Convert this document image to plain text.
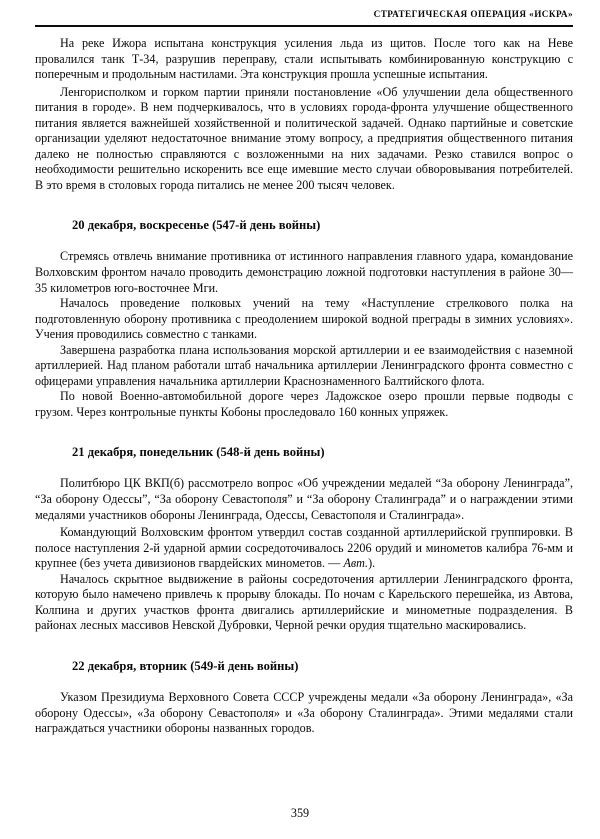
СТРАТЕГИЧЕСКАЯ ОПЕРАЦИЯ «ИСКРА»

На реке Ижора испытана конструкция усиления льда из щитов. После того как на Неве провалился танк Т-34, разрушив переправу, стали испытывать комбинированную конструкцию с поперечным и продольным настилами. Эта конструкция прошла успешные испытания.

Ленгорисполком и горком партии приняли постановление «Об улучшении дела общественного питания в городе». В нем подчеркивалось, что в условиях города-фронта улучшение общественного питания является важнейшей хозяйственной и политической задачей. Однако партийные и советские организации уделяют недостаточное внимание этому вопросу, а предприятия общественного питания далеко не полностью справляются с возложенными на них задачами. Резко ставился вопрос о необходимости решительно искоренить все еще имевшие место случаи обворовывания потребителей. В это время в столовых города питались не менее 200 тысяч человек.

20 декабря, воскресенье (547-й день войны)

Стремясь отвлечь внимание противника от истинного направления главного удара, командование Волховским фронтом начало проводить демонстрацию ложной подготовки наступления в районе 30—35 километров юго-восточнее Мги.

Началось проведение полковых учений на тему «Наступление стрелкового полка на подготовленную оборону противника с преодолением широкой водной преграды в зимних условиях». Учения проводились совместно с танками.

Завершена разработка плана использования морской артиллерии и ее взаимодействия с наземной артиллерией. Над планом работали штаб начальника артиллерии Ленинградского фронта совместно с офицерами управления начальника артиллерии Краснознаменного Балтийского флота.

По новой Военно-автомобильной дороге через Ладожское озеро прошли первые подводы с грузом. Через контрольные пункты Кобоны проследовало 160 конных упряжек.

21 декабря, понедельник (548-й день войны)

Политбюро ЦК ВКП(б) рассмотрело вопрос «Об учреждении медалей “За оборону Ленинграда”, “За оборону Одессы”, “За оборону Севастополя” и “За оборону Сталинграда” и о награждении этими медалями участников обороны Ленинграда, Одессы, Севастополя и Сталинграда».

Командующий Волховским фронтом утвердил состав созданной артиллерийской группировки. В полосе наступления 2-й ударной армии сосредоточивалось 2206 орудий и минометов калибра 76-мм и крупнее (без учета дивизионов гвардейских минометов. — Авт.).

Началось скрытное выдвижение в районы сосредоточения артиллерии Ленинградского фронта, которую было намечено привлечь к прорыву блокады. По ночам с Карельского перешейка, из Автова, Колпина и других участков фронта двигались артиллерийские и минометные подразделения. В районах лесных массивов Невской Дубровки, Черной речки орудия тщательно маскировались.

22 декабря, вторник (549-й день войны)

Указом Президиума Верховного Совета СССР учреждены медали «За оборону Ленинграда», «За оборону Одессы», «За оборону Севастополя» и «За оборону Сталинграда». Этими медалями стали награждаться участники обороны названных городов.

359
